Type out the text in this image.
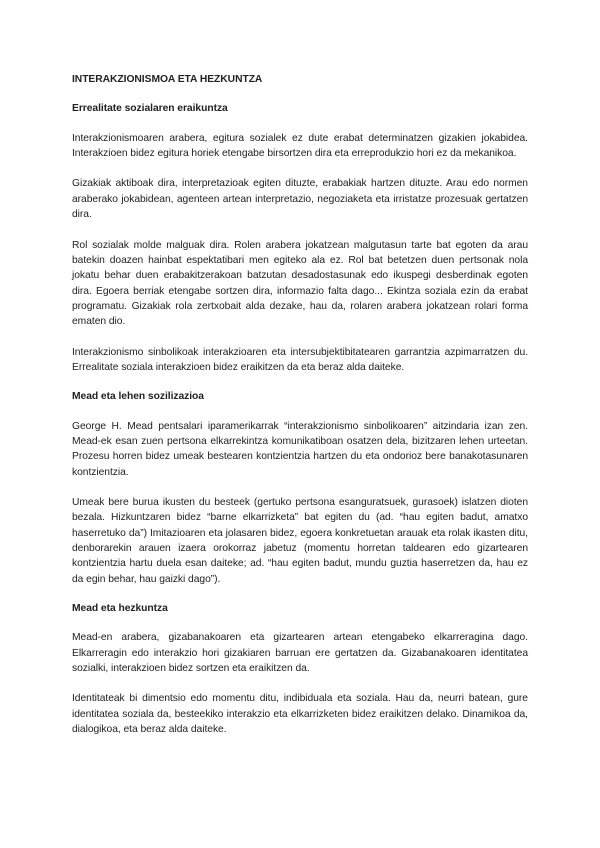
INTERAKZIONISMOA ETA HEZKUNTZA
Errealitate sozialaren eraikuntza
Interakzionismoaren arabera, egitura sozialek ez dute erabat determinatzen gizakien jokabidea. Interakzioen bidez egitura horiek etengabe birsortzen dira eta erreprodukzio hori ez da mekanikoa.
Gizakiak aktiboak dira, interpretazioak egiten dituzte, erabakiak hartzen dituzte. Arau edo normen araberako jokabidean, agenteen artean interpretazio, negoziaketa eta irristatze prozesuak gertatzen dira.
Rol sozialak molde malguak dira. Rolen arabera jokatzean malgutasun tarte bat egoten da arau batekin doazen hainbat espektatibari men egiteko ala ez. Rol bat betetzen duen pertsonak nola jokatu behar duen erabakitzerakoan batzutan desadostasunak edo ikuspegi desberdinak egoten dira. Egoera berriak etengabe sortzen dira, informazio falta dago... Ekintza soziala ezin da erabat programatu. Gizakiak rola zertxobait alda dezake, hau da, rolaren arabera jokatzean rolari forma ematen dio.
Interakzionismo sinbolikoak interakzioaren eta intersubjektibitatearen garrantzia azpimarratzen du. Errealitate soziala interakzioen bidez eraikitzen da eta beraz alda daiteke.
Mead eta lehen sozilizazioa
George H. Mead pentsalari iparamerikarrak “interakzionismo sinbolikoaren” aitzindaria izan zen. Mead-ek esan zuen pertsona elkarrekintza komunikatiboan osatzen dela, bizitzaren lehen urteetan. Prozesu horren bidez umeak bestearen kontzientzia hartzen du eta ondorioz bere banakotasunaren kontzientzia.
Umeak bere burua ikusten du besteek (gertuko pertsona esanguratsuek, gurasoek) islatzen dioten bezala. Hizkuntzaren bidez “barne elkarrizketa” bat egiten du (ad. “hau egiten badut, amatxo haserretuko da”) Imitazioaren eta jolasaren bidez, egoera konkretuetan arauak eta rolak ikasten ditu, denborarekin arauen izaera orokorraz jabetuz (momentu horretan taldearen edo gizartearen kontzientzia hartu duela esan daiteke; ad. “hau egiten badut, mundu guztia haserretzen da, hau ez da egin behar, hau gaizki dago”).
Mead eta hezkuntza
Mead-en arabera, gizabanakoaren eta gizartearen artean etengabeko elkarreragina dago. Elkarreragin edo interakzio hori gizakiaren barruan ere gertatzen da. Gizabanakoaren identitatea sozialki, interakzioen bidez sortzen eta eraikitzen da.
Identitateak bi dimentsio edo momentu ditu, indibiduala eta soziala. Hau da, neurri batean, gure identitatea soziala da, besteekiko interakzio eta elkarrizketen bidez eraikitzen delako. Dinamikoa da, dialogikoa, eta beraz alda daiteke.
